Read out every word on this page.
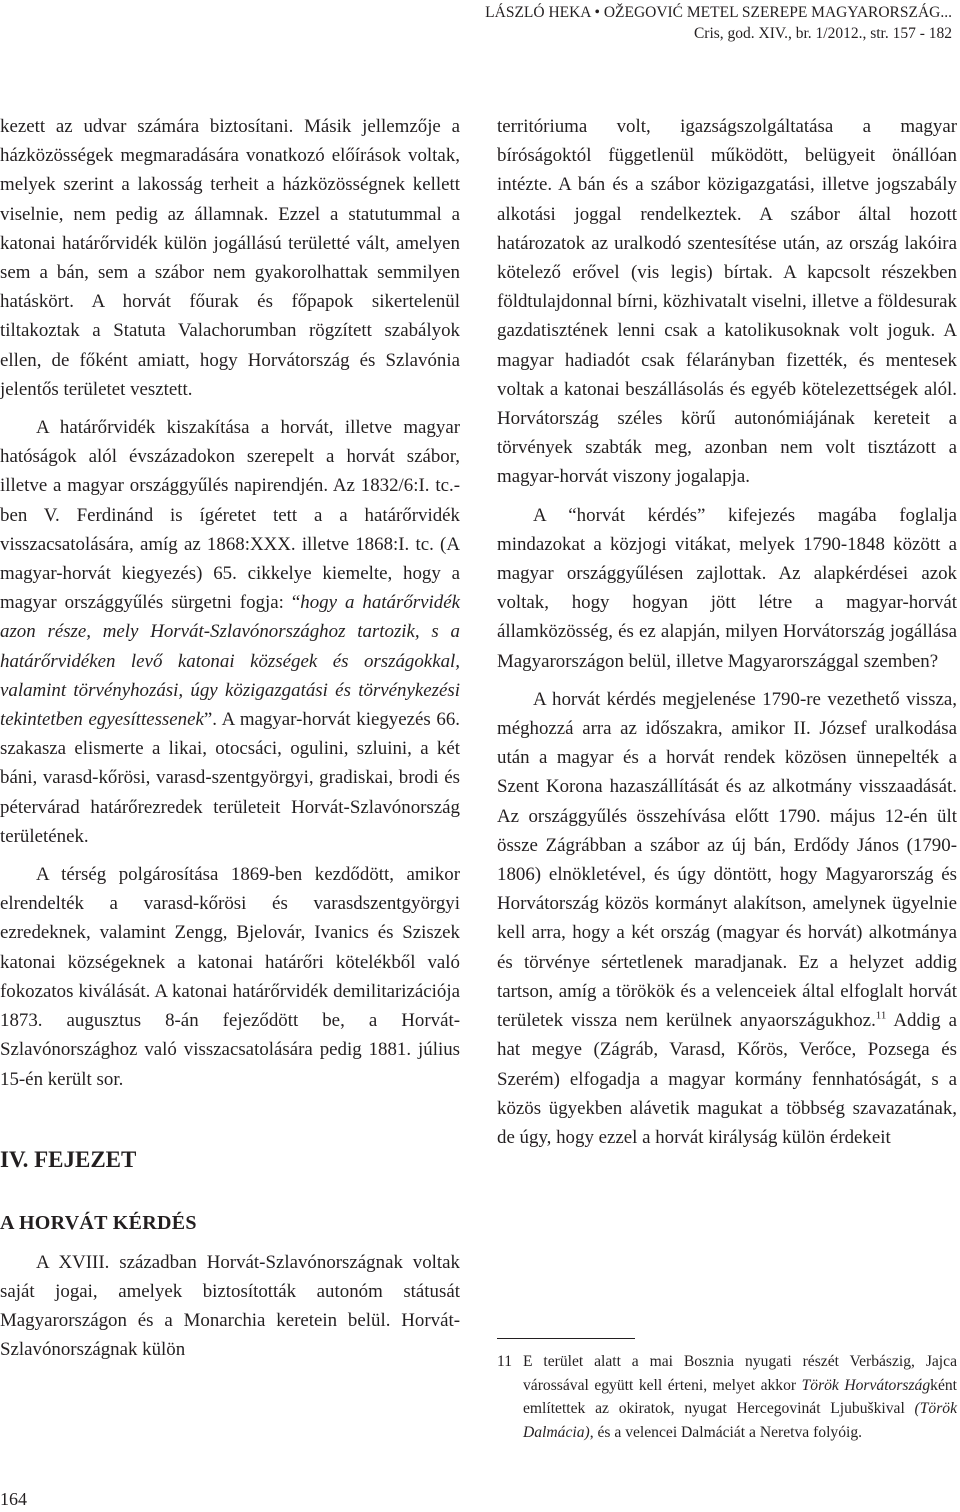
LÁSZLÓ HEKA • OŽEGOVIĆ METEL SZEREPE MAGYARORSZÁG...
Cris, god. XIV., br. 1/2012., str. 157 - 182

kezett az udvar számára biztosítani. Másik jellemzője a házközösségek megmaradására vonatkozó előírások voltak, melyek szerint a lakosság terheit a házközösségnek kellett viselnie, nem pedig az államnak. Ezzel a statutummal a katonai határőrvidék külön jogállású területté vált, amelyen sem a bán, sem a szábor nem gyakorolhattak semmilyen hatáskört. A horvát főurak és főpapok sikertelenül tiltakoztak a Statuta Valachorumban rögzített szabályok ellen, de főként amiatt, hogy Horvátország és Szlavónia jelentős területet vesztett.

A határőrvidék kiszakítása a horvát, illetve magyar hatóságok alól évszázadokon szerepelt a horvát szábor, illetve a magyar országgyűlés napirendjén. Az 1832/6:I. tc.-ben V. Ferdinánd is ígéretet tett a a határőrvidék visszacsatolására, amíg az 1868:XXX. illetve 1868:I. tc. (A magyar-horvát kiegyezés) 65. cikkelye kiemelte, hogy a magyar országgyűlés sürgetni fogja: “hogy a határőrvidék azon része, mely Horvát-Szlavónországhoz tartozik, s a határőrvidéken levő katonai községek és országokkal, valamint törvényhozási, úgy közigazgatási és törvénykezési tekintetben egyesíttessenek”. A magyar-horvát kiegyezés 66. szakasza elismerte a likai, otocsáci, ogulini, szluini, a két báni, varasd-kőrösi, varasd-szentgyörgyi, gradiskai, brodi és pétervárad határőrezredek területeit Horvát-Szlavónország területének.

A térség polgárosítása 1869-ben kezdődött, amikor elrendelték a varasd-kőrösi és varasdszentgyörgyi ezredeknek, valamint Zengg, Bjelovár, Ivanics és Sziszek katonai községeknek a katonai határőri kötelékből való fokozatos kiválását. A katonai határőrvidék demilitarizációja 1873. augusztus 8-án fejeződött be, a Horvát-Szlavónországhoz való visszacsatolására pedig 1881. július 15-én került sor.

IV. FEJEZET
A HORVÁT KÉRDÉS

A XVIII. században Horvát-Szlavónországnak voltak saját jogai, amelyek biztosították autonóm státusát Magyarországon és a Monarchia keretein belül. Horvát-Szlavónországnak külön

territóriuma volt, igazságszolgáltatása a magyar bíróságoktól függetlenül működött, belügyeit önállóan intézte. A bán és a szábor közigazgatási, illetve jogszabály alkotási joggal rendelkeztek. A szábor által hozott határozatok az uralkodó szentesítése után, az ország lakóira kötelező erővel (vis legis) bírtak. A kapcsolt részekben földtulajdonnal bírni, közhivatalt viselni, illetve a földesurak gazdatisztének lenni csak a katolikusoknak volt joguk. A magyar hadiadót csak félarányban fizették, és mentesek voltak a katonai beszállásolás és egyéb kötelezettségek alól. Horvátország széles körű autonómiájának kereteit a törvények szabták meg, azonban nem volt tisztázott a magyar-horvát viszony jogalapja.

A “horvát kérdés” kifejezés magába foglalja mindazokat a közjogi vitákat, melyek 1790-1848 között a magyar országgyűlésen zajlottak. Az alapkérdései azok voltak, hogy hogyan jött létre a magyar-horvát államközösség, és ez alapján, milyen Horvátország jogállása Magyarországon belül, illetve Magyarországgal szemben?

A horvát kérdés megjelenése 1790-re vezethető vissza, méghozzá arra az időszakra, amikor II. József uralkodása után a magyar és a horvát rendek közösen ünnepelték a Szent Korona hazaszállítását és az alkotmány visszaadását. Az országgyűlés összehívása előtt 1790. május 12-én ült össze Zágrábban a szábor az új bán, Erdődy János (1790-1806) elnökletével, és úgy döntött, hogy Magyarország és Horvátország közös kormányt alakítson, amelynek ügyelnie kell arra, hogy a két ország (magyar és horvát) alkotmánya és törvénye sértetlenek maradjanak. Ez a helyzet addig tartson, amíg a törökök és a velenceiek által elfoglalt horvát területek vissza nem kerülnek anyaországukhoz.$^{11}$ Addig a hat megye (Zágráb, Varasd, Kőrös, Verőce, Pozsega és Szerém) elfogadja a magyar kormány fennhatóságát, s a közös ügyekben alávetik magukat a többség szavazatának, de úgy, hogy ezzel a horvát királyság külön érdekeit

11 E terület alatt a mai Bosznia nyugati részét Verbászig, Jajca várossával együtt kell érteni, melyet akkor Török Horvátországként említettek az okiratok, nyugat Hercegovinát Ljubuškival (Török Dalmácia), és a velencei Dalmáciát a Neretva folyóig.
164
